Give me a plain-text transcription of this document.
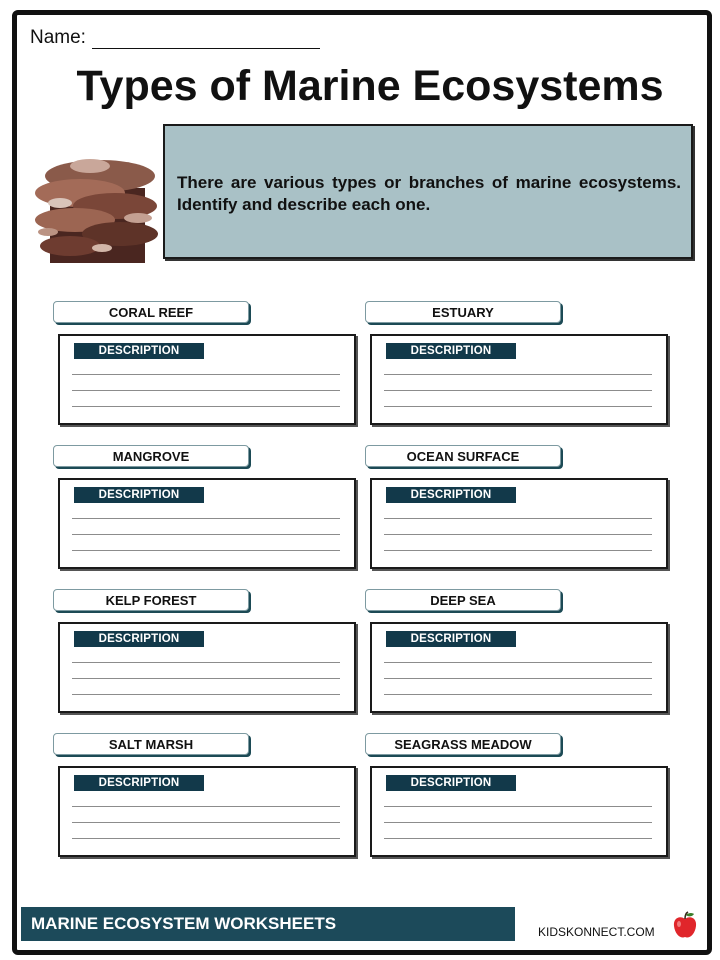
Name:
Types of Marine Ecosystems
There are various types or branches of marine ecosystems. Identify and describe each one.
CORAL REEF
DESCRIPTION
ESTUARY
DESCRIPTION
MANGROVE
DESCRIPTION
OCEAN SURFACE
DESCRIPTION
KELP FOREST
DESCRIPTION
DEEP SEA
DESCRIPTION
SALT MARSH
DESCRIPTION
SEAGRASS MEADOW
DESCRIPTION
MARINE ECOSYSTEM WORKSHEETS	KIDSKONNECT.COM
